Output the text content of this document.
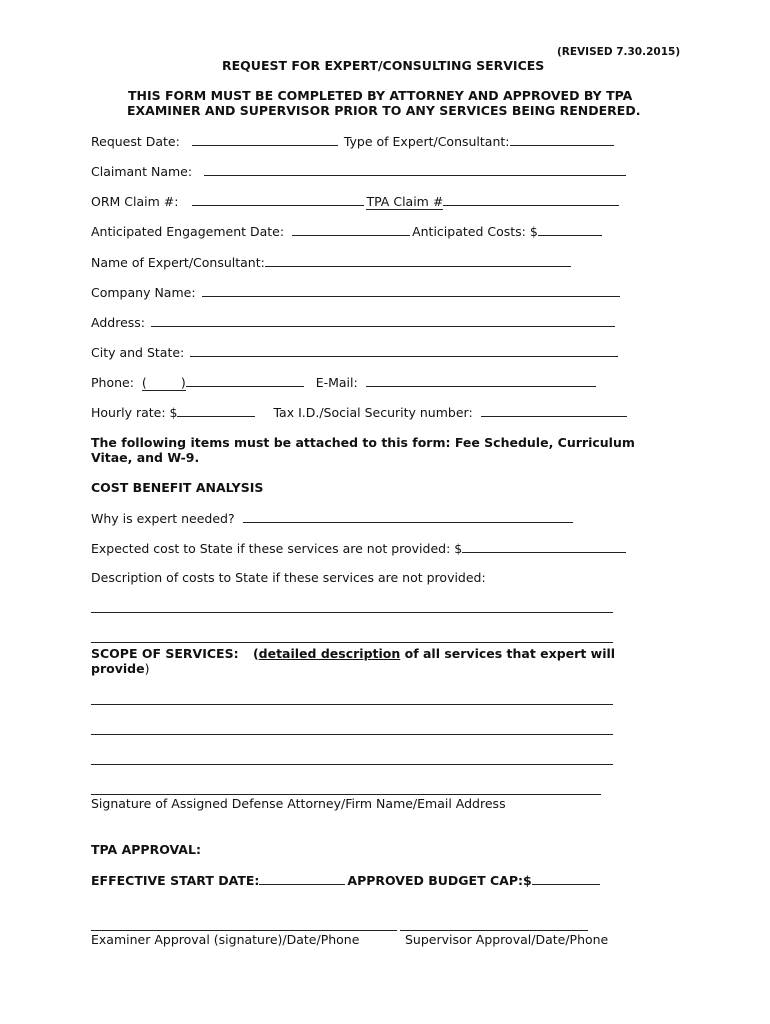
(REVISED 7.30.2015)
REQUEST FOR EXPERT/CONSULTING SERVICES
THIS FORM MUST BE COMPLETED BY ATTORNEY AND APPROVED BY TPA
EXAMINER AND SUPERVISOR PRIOR TO ANY SERVICES BEING RENDERED.
Request Date:	Type of Expert/Consultant:
Claimant Name:
ORM Claim #:	TPA Claim #
Anticipated Engagement Date:	Anticipated Costs: $
Name of Expert/Consultant:
Company Name:
Address:
City and State:
Phone: (	)	E-Mail:
Hourly rate: $	Tax I.D./Social Security number:
The following items must be attached to this form: Fee Schedule, Curriculum
Vitae, and W-9.
COST BENEFIT ANALYSIS
Why is expert needed?
Expected cost to State if these services are not provided: $
Description of costs to State if these services are not provided:
SCOPE OF SERVICES: (detailed description of all services that expert will
provide)
Signature of Assigned Defense Attorney/Firm Name/Email Address
TPA APPROVAL:
EFFECTIVE START DATE:	APPROVED BUDGET CAP:$
Examiner Approval (signature)/Date/Phone	Supervisor Approval/Date/Phone
